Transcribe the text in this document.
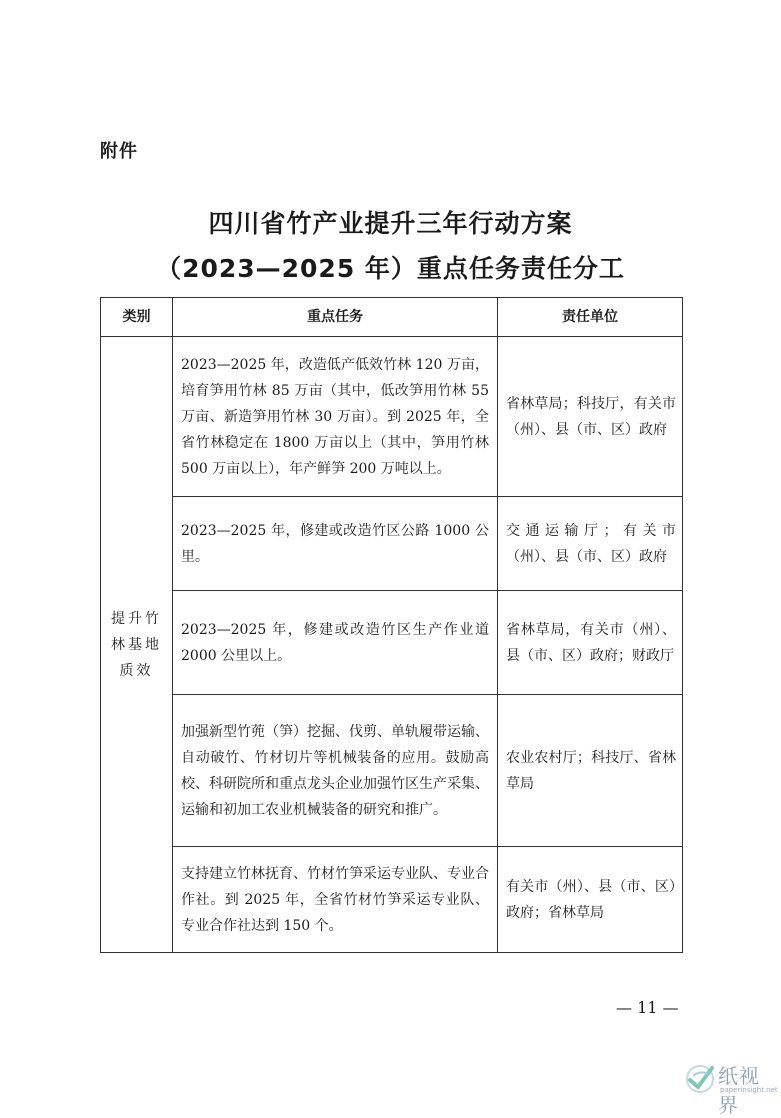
附件
四川省竹产业提升三年行动方案
（2023—2025 年）重点任务责任分工
类别	重点任务	责任单位
提升竹林基地质效	2023—2025 年，改造低产低效竹林 120 万亩，培育笋用竹林 85 万亩（其中，低改笋用竹林 55 万亩、新造笋用竹林 30 万亩）。到 2025 年，全省竹林稳定在 1800 万亩以上（其中，笋用竹林 500 万亩以上），年产鲜笋 200 万吨以上。	省林草局；科技厅，有关市（州）、县（市、区）政府
	2023—2025 年，修建或改造竹区公路 1000 公里。	交通运输厅；有关市（州）、县（市、区）政府
	2023—2025 年，修建或改造竹区生产作业道 2000 公里以上。	省林草局，有关市（州）、县（市、区）政府；财政厅
	加强新型竹蔸（笋）挖掘、伐剪、单轨履带运输、自动破竹、竹材切片等机械装备的应用。鼓励高校、科研院所和重点龙头企业加强竹区生产采集、运输和初加工农业机械装备的研究和推广。	农业农村厅；科技厅、省林草局
	支持建立竹林抚育、竹材竹笋采运专业队、专业合作社。到 2025 年，全省竹材竹笋采运专业队、专业合作社达到 150 个。	有关市（州）、县（市、区）政府；省林草局
— 11 —
纸视界
paperinsight.net
